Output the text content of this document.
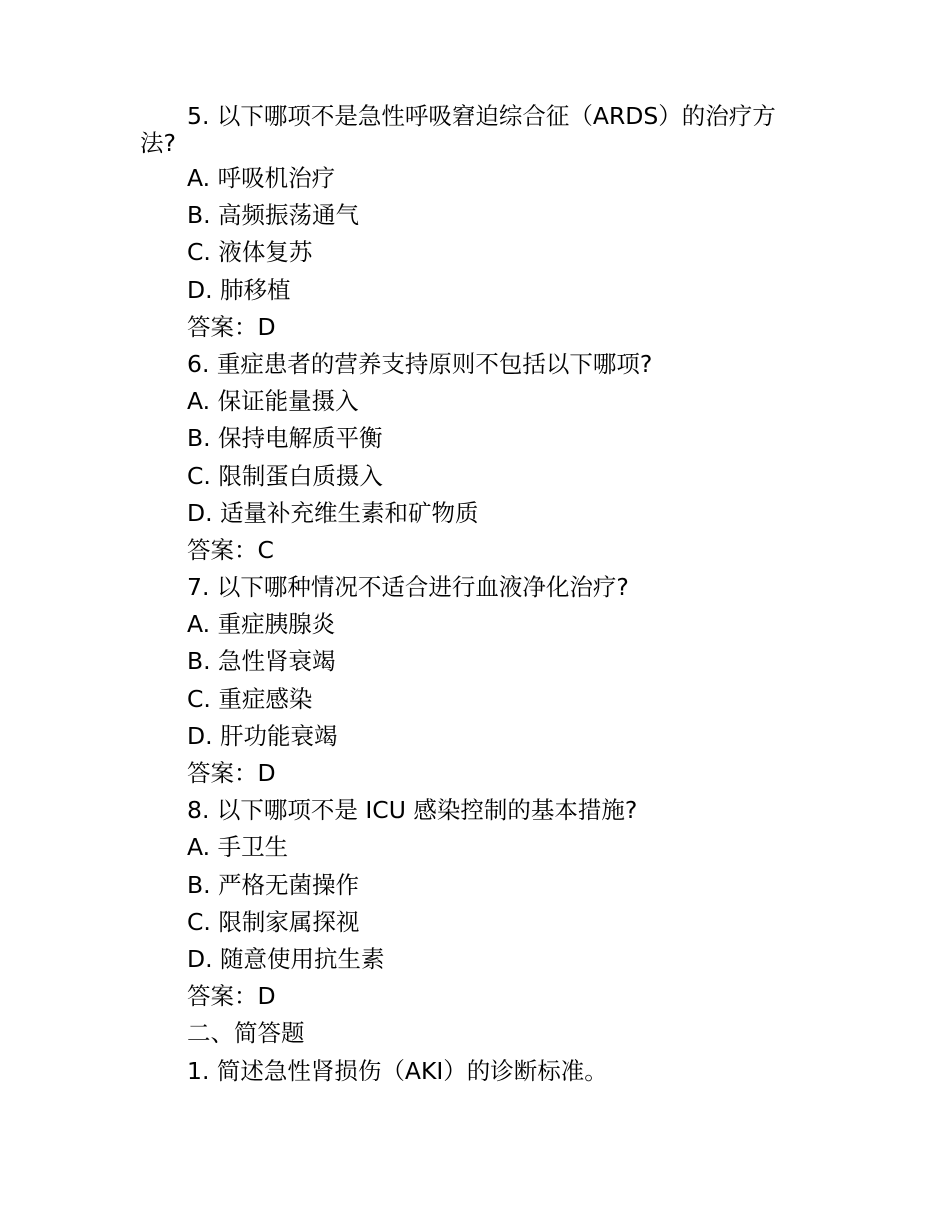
5. 以下哪项不是急性呼吸窘迫综合征（ARDS）的治疗方
法?
A. 呼吸机治疗
B. 高频振荡通气
C. 液体复苏
D. 肺移植
答案：D
6. 重症患者的营养支持原则不包括以下哪项?
A. 保证能量摄入
B. 保持电解质平衡
C. 限制蛋白质摄入
D. 适量补充维生素和矿物质
答案：C
7. 以下哪种情况不适合进行血液净化治疗?
A. 重症胰腺炎
B. 急性肾衰竭
C. 重症感染
D. 肝功能衰竭
答案：D
8. 以下哪项不是 ICU 感染控制的基本措施?
A. 手卫生
B. 严格无菌操作
C. 限制家属探视
D. 随意使用抗生素
答案：D
二、简答题
1. 简述急性肾损伤（AKI）的诊断标准。
